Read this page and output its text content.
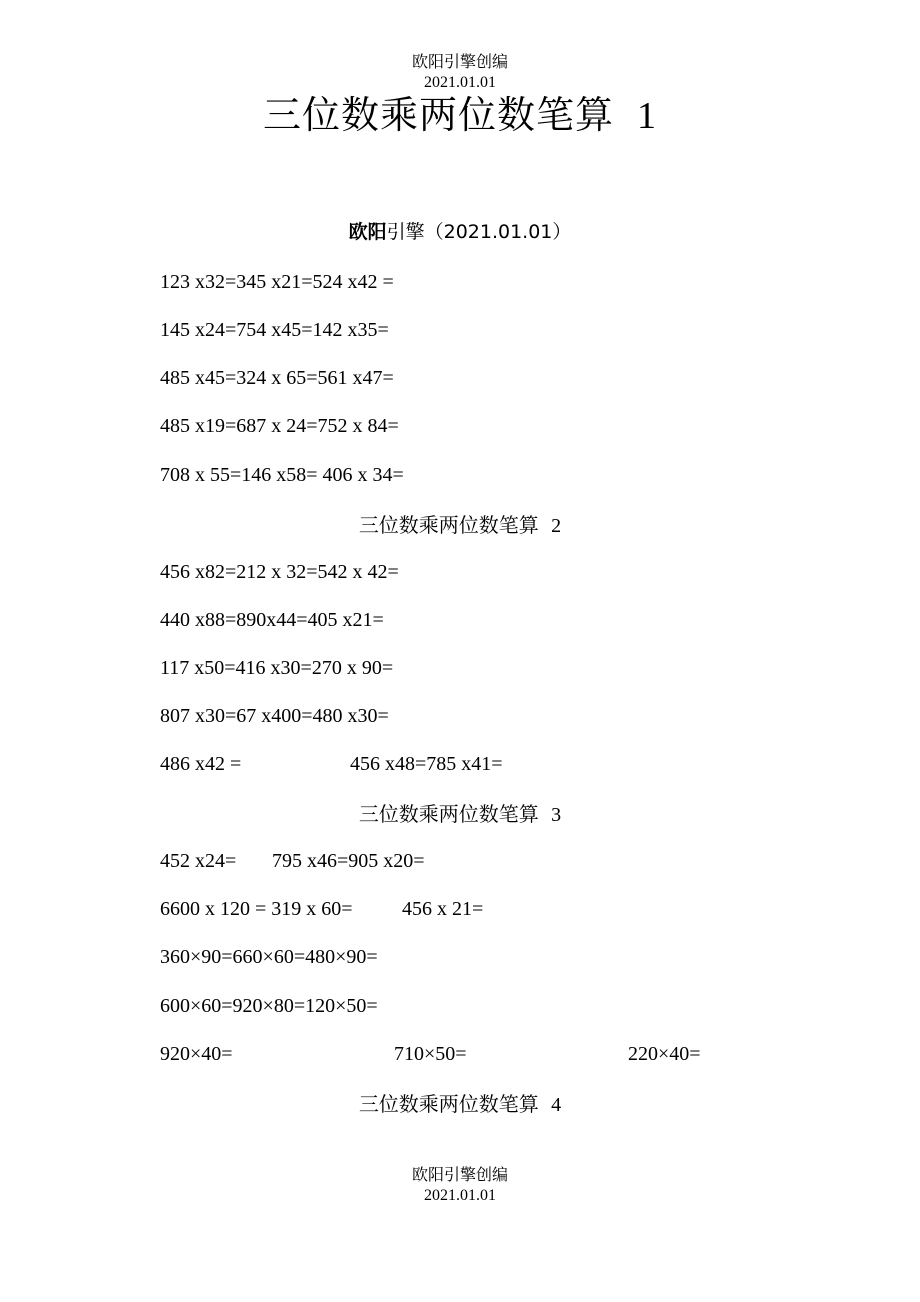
欧阳引擎创编
2021.01.01
三位数乘两位数笔算 1
欧阳引擎（2021.01.01）
123 x32=345 x21=524 x42 =
145 x24=754 x45=142 x35=
485 x45=324 x 65=561 x47=
485 x19=687 x 24=752 x 84=
708 x 55=146 x58= 406 x 34=
三位数乘两位数笔算 2
456 x82=212 x 32=542 x 42=
440 x88=890x44=405 x21=
117 x50=416 x30=270 x 90=
807 x30=67 x400=480 x30=
486 x42 =	456 x48=785 x41=
三位数乘两位数笔算 3
452 x24= 795 x46=905 x20=
6600 x 120 = 319 x 60= 456 x 21=
360×90=660×60=480×90=
600×60=920×80=120×50=
920×40=	710×50=	220×40=
三位数乘两位数笔算 4
欧阳引擎创编
2021.01.01
